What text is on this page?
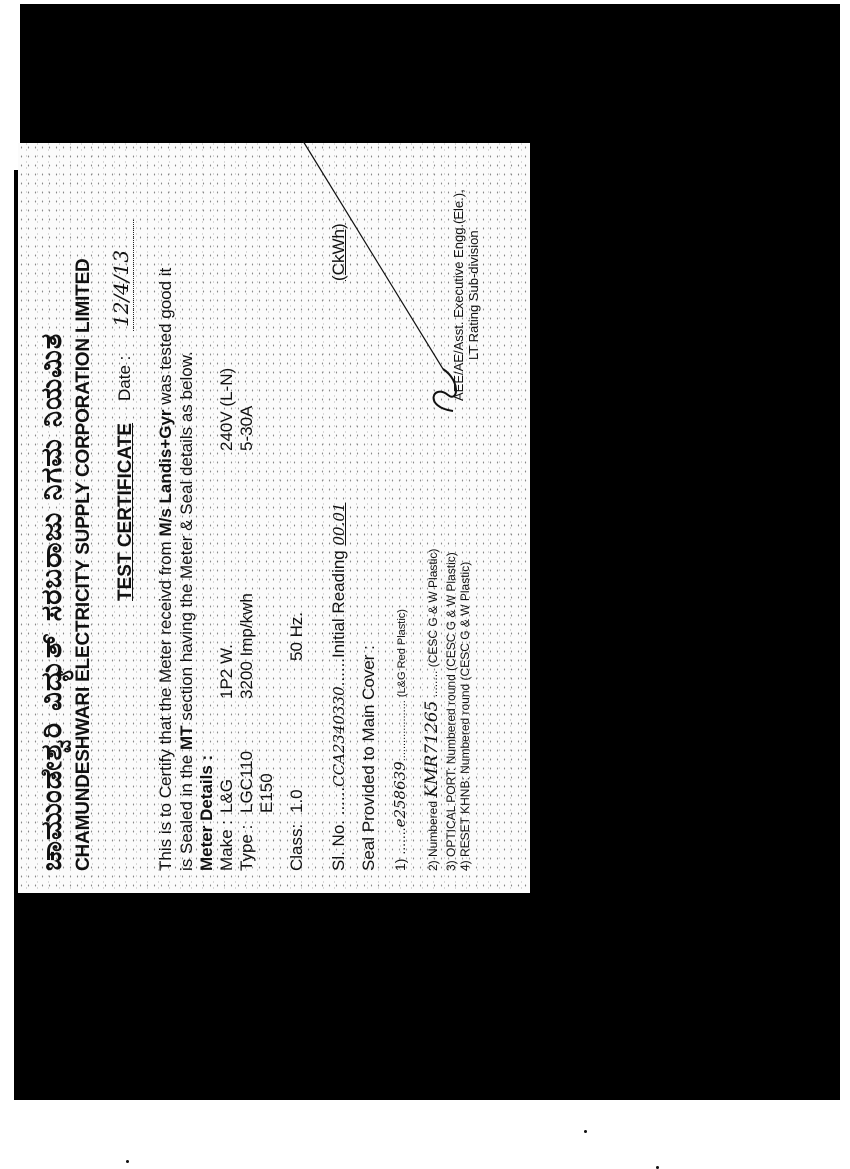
ಚಾಮುಂಡೇಶ್ವರಿ ವಿದ್ಯುತ್ ಸರಬರಾಜು ನಿಗಮ ನಿಯಮಿತ CHAMUNDESHWARI ELECTRICITY SUPPLY CORPORATION LIMITED TEST CERTIFICATE
Date :
12/4/13
This is to Certify that the Meter receivd from M/s Landis+Gyr was tested good it
is Sealed in the MT section having the Meter & Seal details as below.
Meter Details : Make :
L&G
Type :
LGC110 E150
Class:
1.0
1P2 W. 3200 Imp/kwh 50 Hz.
240V (L-N) 5-30A
Sl. No. ......CCA2340330......Initial Reading 00.01
(CkWh)
Seal Provided to Main Cover : 1) .......e258639.................... (L&G Red Plastic)
2) Numbered KMR71265 ........ (CESC G & W Plastic) 3) OPTICAL PORT: Numbered round (CESC G & W Plastic) 4) RESET KHNB: Numbered round (CESC G & W Plastic)
AEE/AE/Asst. Executive Engg.(Ele.), LT Rating Sub-division
